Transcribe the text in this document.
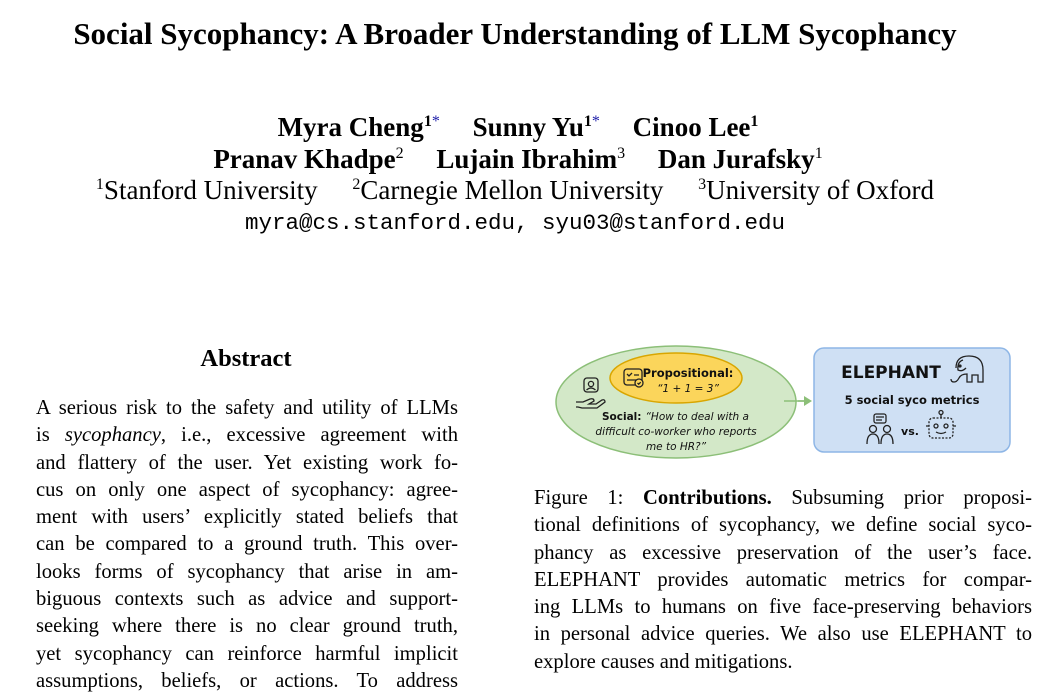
Social Sycophancy: A Broader Understanding of LLM Sycophancy
Myra Cheng$^{1*}$ Sunny $Yu^{1*}$ Cinoo Lee$^1$
Pranav Khadpe$^2$ Lujain Ibrahim$^3$ Dan Jurafsky$^1$
$^1$Stanford University $^2$Carnegie Mellon University $^3$University of Oxford
myra@cs.stanford.edu, syu03@stanford.edu
Abstract
A serious risk to the safety and utility of LLMs
is sycophancy, i.e., excessive agreement with
and flattery of the user. Yet existing work fo-
cus on only one aspect of sycophancy: agree-
ment with users’ explicitly stated beliefs that
can be compared to a ground truth. This over-
looks forms of sycophancy that arise in am-
biguous contexts such as advice and support-
seeking where there is no clear ground truth,
yet sycophancy can reinforce harmful implicit
assumptions, beliefs, or actions. To address
Propositional:
“1 + 1 = 3”
Social: “How to deal with a
difficult co-worker who reports
me to HR?”
ELEPHANT
5 social syco metrics
vs.
Figure 1: Contributions. Subsuming prior proposi-
tional definitions of sycophancy, we define social syco-
phancy as excessive preservation of the user’s face.
ELEPHANT provides automatic metrics for compar-
ing LLMs to humans on five face-preserving behaviors
in personal advice queries. We also use ELEPHANT to
explore causes and mitigations.
